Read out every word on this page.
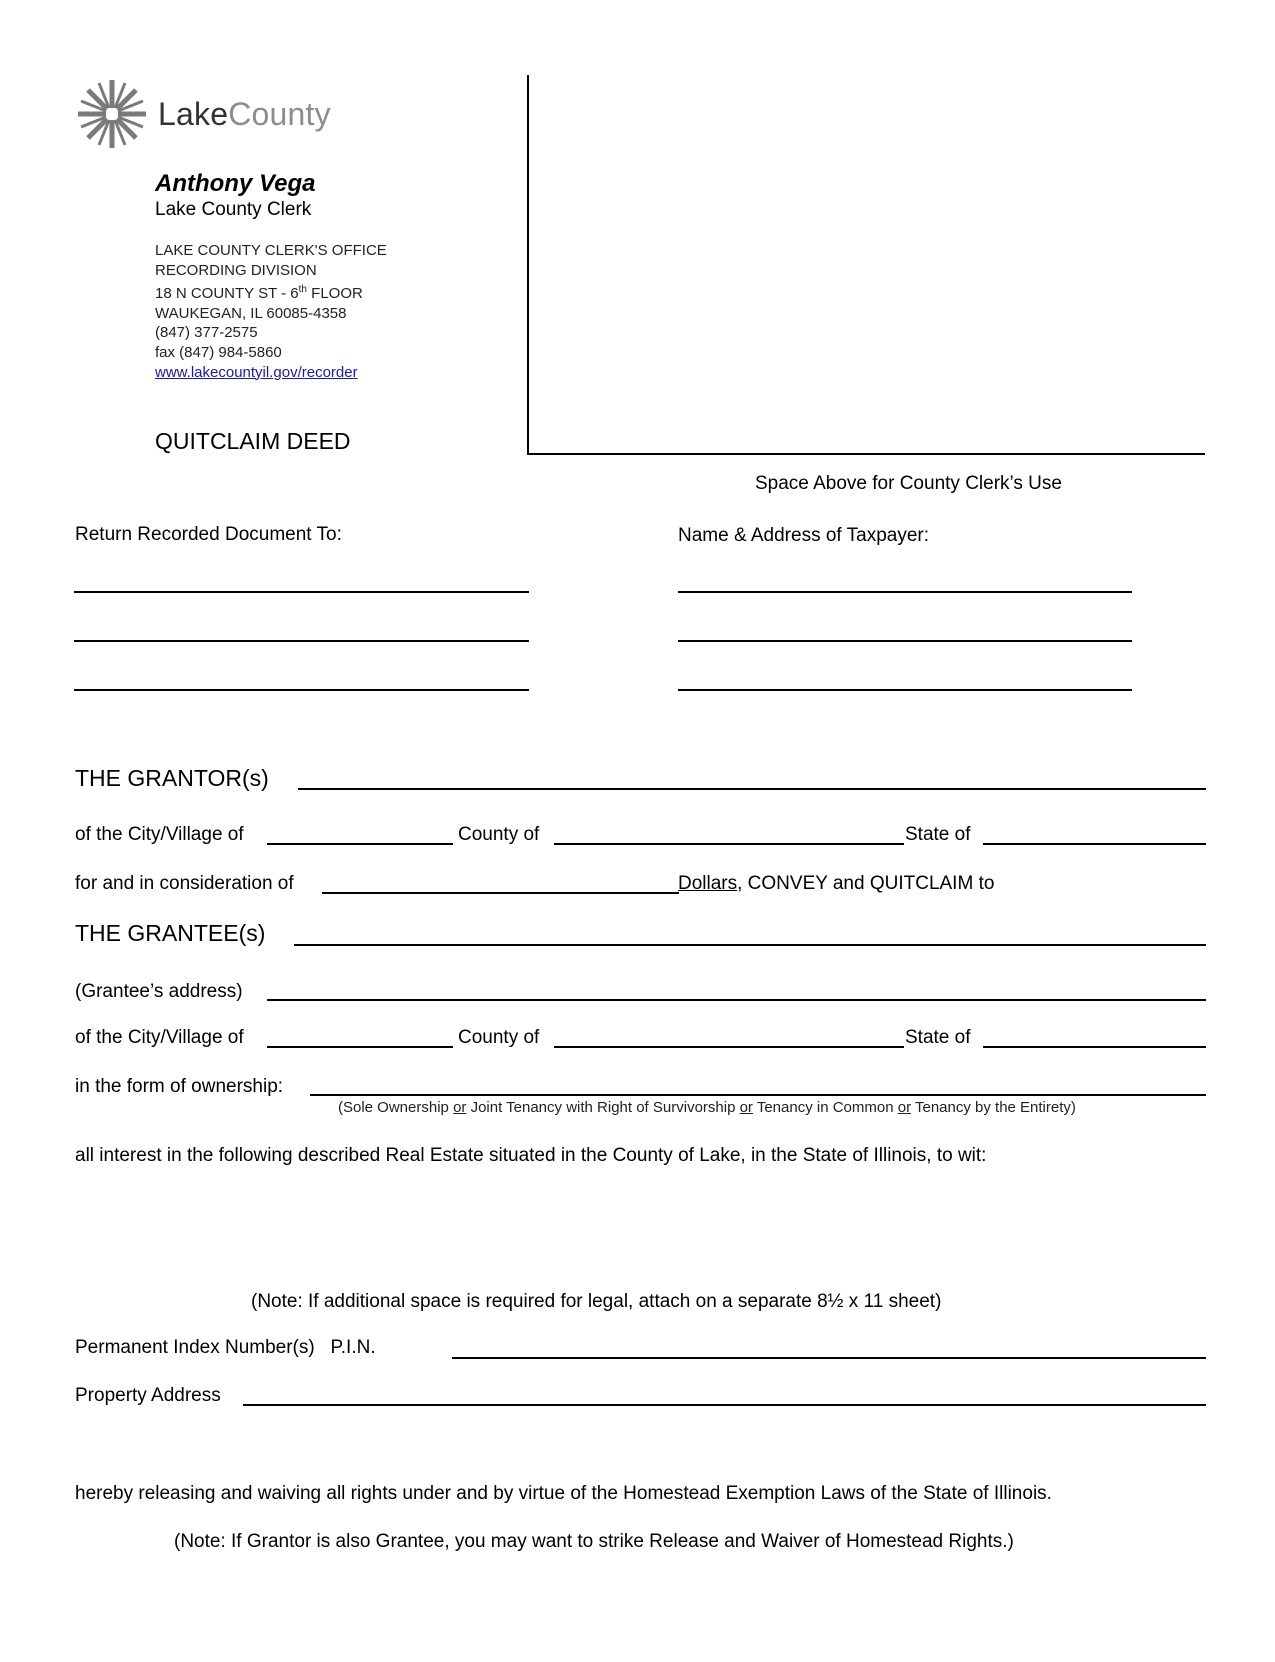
LakeCounty
Anthony Vega
Lake County Clerk
LAKE COUNTY CLERK'S OFFICE
RECORDING DIVISION
18 N COUNTY ST - 6th FLOOR
WAUKEGAN, IL 60085-4358
(847) 377-2575
fax (847) 984-5860
www.lakecountyil.gov/recorder
QUITCLAIM DEED
Space Above for County Clerk’s Use
Return Recorded Document To:	Name & Address of Taxpayer:
THE GRANTOR(s)
of the City/Village of	County of	State of
for and in consideration of	Dollars, CONVEY and QUITCLAIM to
THE GRANTEE(s)
(Grantee’s address)
of the City/Village of	County of	State of
in the form of ownership:
(Sole Ownership or Joint Tenancy with Right of Survivorship or Tenancy in Common or Tenancy by the Entirety)
all interest in the following described Real Estate situated in the County of Lake, in the State of Illinois, to wit:
(Note: If additional space is required for legal, attach on a separate 8½ x 11 sheet)
Permanent Index Number(s)   P.I.N.
Property Address
hereby releasing and waiving all rights under and by virtue of the Homestead Exemption Laws of the State of Illinois.
(Note: If Grantor is also Grantee, you may want to strike Release and Waiver of Homestead Rights.)
